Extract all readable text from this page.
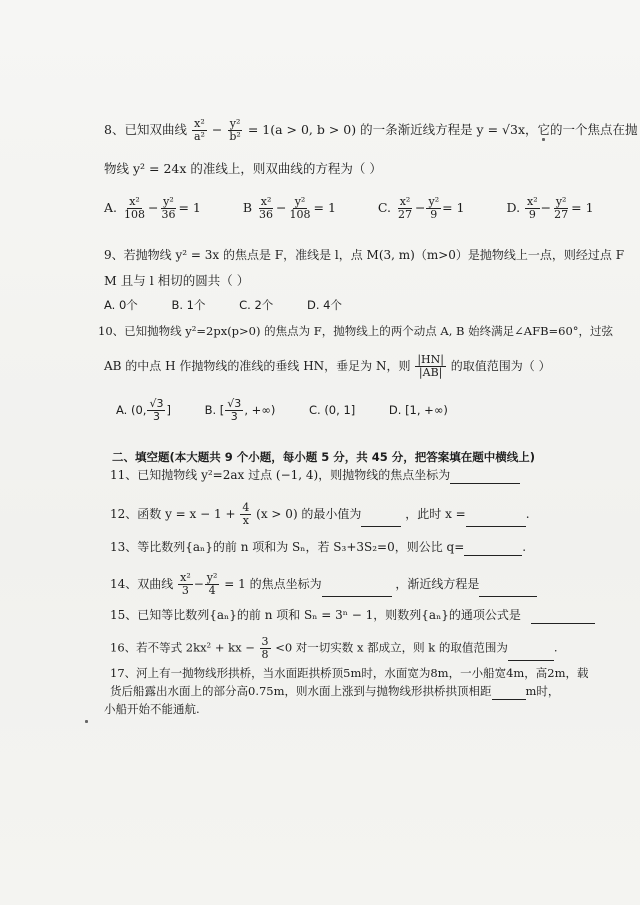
8、已知双曲线 $\frac{\text{x²}}{\text{a²}} - \frac{\text{y²}}{\text{b²}} = 1(a > 0$, b > 0) 的一条渐近线方程是 y = √3x，它的一个焦点在抛
物线 y² = 24x 的准线上，则双曲线的方程为（ ）
A. $\frac{\text{x²}}{108} - \frac{\text{y²}}{36} = 1$	B $\frac{\text{x²}}{36} - \frac{\text{y²}}{108} = 1$	C. $\frac{\text{x²}}{27} - \frac{\text{y²}}{9} = 1$	D. $\frac{\text{x²}}{9} - \frac{\text{y²}}{27} = 1$
9、若抛物线 y² = 3x 的焦点是 F，准线是 l，点 M(3, m)（m>0）是抛物线上一点，则经过点 F
M 且与 l 相切的圆共（ ）
A. 0个	B. 1个	C. 2个	D. 4个
10、已知抛物线 y²=2px(p>0) 的焦点为 F，抛物线上的两个动点 A, B 始终满足∠AFB=60°，过弦
AB 的中点 H 作抛物线的准线的垂线 HN，垂足为 N，则 $\frac{|HN|}{|AB|}$ 的取值范围为（ ）
A. (0, $\frac{√3}{3}$ ]	B. [ $\frac{√3}{3}$ , +∞)	C. (0, 1]	D. [1, +∞)
二、填空题(本大题共 9 个小题，每小题 5 分，共 45 分，把答案填在题中横线上)
11、已知抛物线 y²=2ax 过点 (−1, 4)，则抛物线的焦点坐标为
12、函数 $y = x - 1 + \frac{4}{x} (x > 0)$ 的最小值为	，此时 x =	.
13、等比数列{aₙ}的前 n 项和为 Sₙ，若 S₃+3S₂=0，则公比 q=	.
14、双曲线 $\frac{\text{x²}}{3} - \frac{\text{y²}}{4} = 1$ 的焦点坐标为	，渐近线方程是
15、已知等比数列{aₙ}的前 n 项和 Sₙ = 3ⁿ − 1，则数列{aₙ}的通项公式是
16、若不等式 2kx² + kx − $\frac{3}{8} <0$ 对一切实数 x 都成立，则 k 的取值范围为	.
17、河上有一抛物线形拱桥，当水面距拱桥顶5m时，水面宽为8m，一小船宽4m，高2m，载
货后船露出水面上的部分高0.75m，则水面上涨到与抛物线形拱桥拱顶相距	m时，
小船开始不能通航.
